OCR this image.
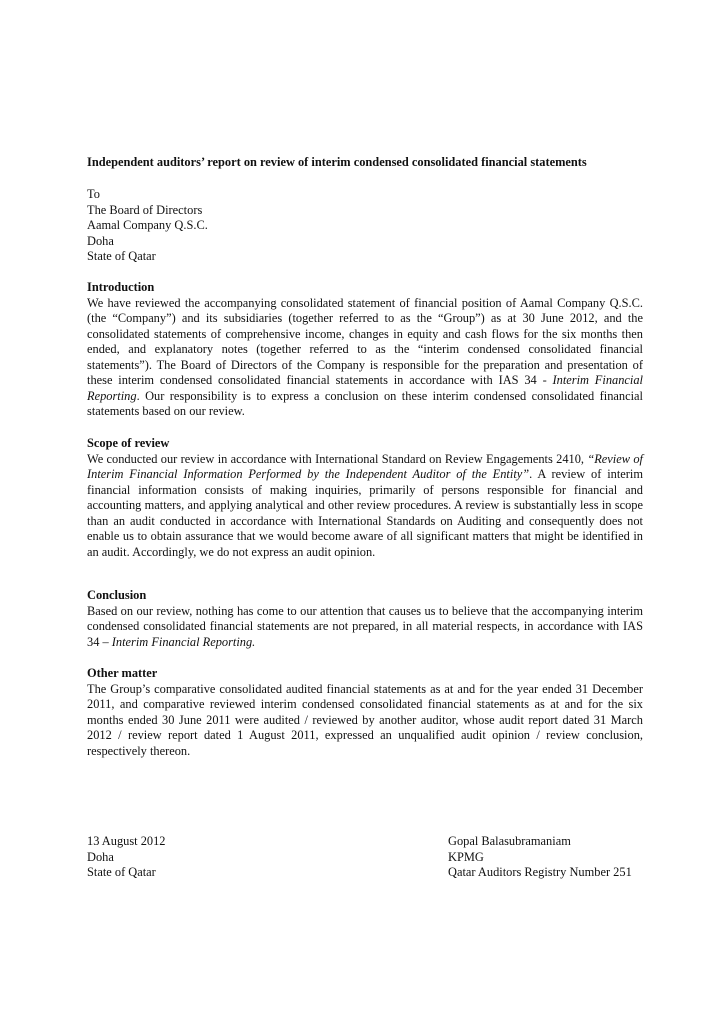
Independent auditors’ report on review of interim condensed consolidated financial statements
To
The Board of Directors
Aamal Company Q.S.C.
Doha
State of Qatar
Introduction

We have reviewed the accompanying consolidated statement of financial position of Aamal Company Q.S.C. (the “Company”) and its subsidiaries (together referred to as the “Group”) as at 30 June 2012, and the consolidated statements of comprehensive income, changes in equity and cash flows for the six months then ended, and explanatory notes (together referred to as the “interim condensed consolidated financial statements”). The Board of Directors of the Company is responsible for the preparation and presentation of these interim condensed consolidated financial statements in accordance with IAS 34 - Interim Financial Reporting. Our responsibility is to express a conclusion on these interim condensed consolidated financial statements based on our review.

Scope of review

We conducted our review in accordance with International Standard on Review Engagements 2410, “Review of Interim Financial Information Performed by the Independent Auditor of the Entity”. A review of interim financial information consists of making inquiries, primarily of persons responsible for financial and accounting matters, and applying analytical and other review procedures. A review is substantially less in scope than an audit conducted in accordance with International Standards on Auditing and consequently does not enable us to obtain assurance that we would become aware of all significant matters that might be identified in an audit. Accordingly, we do not express an audit opinion.

Conclusion

Based on our review, nothing has come to our attention that causes us to believe that the accompanying interim condensed consolidated financial statements are not prepared, in all material respects, in accordance with IAS 34 – Interim Financial Reporting.

Other matter

The Group’s comparative consolidated audited financial statements as at and for the year ended 31 December 2011, and comparative reviewed interim condensed consolidated financial statements as at and for the six months ended 30 June 2011 were audited / reviewed by another auditor, whose audit report dated 31 March 2012 / review report dated 1 August 2011, expressed an unqualified audit opinion / review conclusion, respectively thereon.

13 August 2012
Doha
State of Qatar
Gopal Balasubramaniam
KPMG
Qatar Auditors Registry Number 251
